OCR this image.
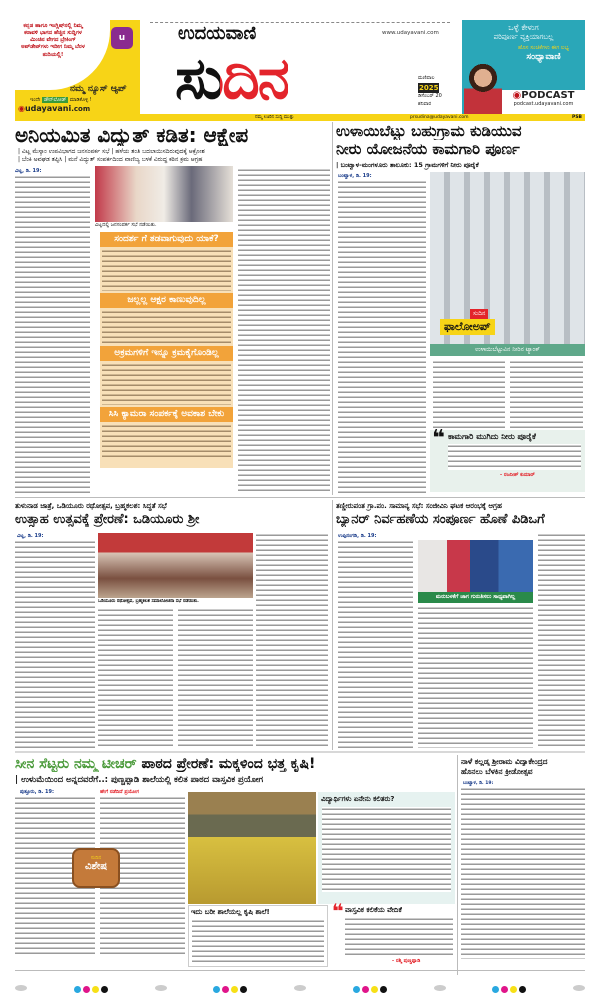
ಕನ್ನಡ ಹಾಗೂ ಇಂಗ್ಲಿಷ್‌ನಲ್ಲಿ ನಿಮ್ಮ ಕರಾವಳಿ ಭಾಗದ ಹೆಚ್ಚಿನ ಸುದ್ದಿಗಳ ಮಿಂಚಿನ ವೇಗದ ಬ್ರೇಕಿಂಗ್ ಅಪ್‌ಡೇಟ್‌ಗಳು ಇದೀಗ ನಿಮ್ಮ ಬೆರಳ ತುದಿಯಲ್ಲಿ!
u
ನಮ್ಮ ನ್ಯೂಸ್ ಆ್ಯಪ್
ಇಂದೇ ಡೌನ್‌ಲೋಡ್ ಮಾಡಿಕೊಳ್ಳಿ !
◉udayavani.com ಸುದಿನ
ಉದಯವಾಣಿ	www.udayavani.com
ಮಣಿಪಾಲ
2025
ಡಿಸೆಂಬರ್ 20
ಶನಿವಾರ
ಒಳ್ಳೆ ಕೇಳುಗ
ಪರಿಪೂರ್ಣ ವ್ಯಕ್ತಿಯಾಗಬಲ್ಲ
ಹೊಸ ಸಂಚಿಕೆಗಳು ಈಗ ಲಭ್ಯ
ಸಂಧ್ಯಾವಾಣಿ
◉PODCAST
podcast.udayavani.com
ನಮ್ಮ ಊರಿನ ಸುದ್ದಿ ಮುತ್ತು	prsudina@udayavani.com	PSB
ಅನಿಯಮಿತ ವಿದ್ಯುತ್ ಕಡಿತ: ಆಕ್ಷೇಪ
| ವಿಟ್ಲ ಮೆಸ್ಕಾಂ ಉಪವಿಭಾಗದ ಜನಸಂಪರ್ಕ ಸಭೆ | ಹಳೆಯ ತಂತಿ ಬದಲಾಯಿಸದಿರುವುದಕ್ಕೆ ಆಕ್ರೋಶ
| ಬೆಂಕಿ ಅವಘಡ ತಪ್ಪಿಸಿ | ಮನೆ ವಿದ್ಯುತ್ ಸಂಪರ್ಕದಿಂದ ವಾಣಿಜ್ಯ ಬಳಕೆ ವಿರುದ್ಧ ಕಠಿನ ಕ್ರಮ ಆಗ್ರಹ
ವಿಟ್ಲ, ಡಿ. 19:
ವಿಟ್ಲದಲ್ಲಿ ಜನಸಂಪರ್ಕ ಸಭೆ ನಡೆಯಿತು.
ಸಂದರ್ಶ ಗೆ ತಡವಾಗುವುದು ಯಾಕೆ?
ಜಲ್ಲಲ್ಲ ಆಕ್ಷರ ಕಾಣುವುದಿಲ್ಲ
ಅಕ್ರಮಗಳಿಗೆ ಇನ್ನೂ ಕ್ರಮಕೈಗೊಂಡಿಲ್ಲ
ಸಿಸಿ ಕ್ಯಾಮರಾ ಸಂಪರ್ಕಕ್ಕೆ ಅವಕಾಶ ಬೇಕು
ಉಳಾಯಿಬೆಟ್ಟು ಬಹುಗ್ರಾಮ ಕುಡಿಯುವ
ನೀರು ಯೋಜನೆಯ ಕಾಮಗಾರಿ ಪೂರ್ಣ
| ಬಂಟ್ವಾಳ-ಮಂಗಳೂರು ತಾಲೂಕು: 15 ಗ್ರಾಮಗಳಿಗೆ ನೀರು ಪೂರೈಕೆ
ಬಂಟ್ವಾಳ, ಡಿ. 19:
ಸುದಿನ
ಫಾಲೋಅಪ್
ಉಳಾಯಿಬೆಟ್ಟುವಿನ ನೀರಿನ ಟ್ಯಾಂಕ್
❝ ಕಾಮಗಾರಿ ಮುಗಿದು ನೀರು ಪೂರೈಕೆ
- ರಜನೀಶ್ ಕುಮಾರ್
ತುಳುನಾಡ ಜಾತ್ರೆ, ಒಡಿಯೂರು ರಥೋತ್ಸವ, ಬ್ರಹ್ಮಕಲಶ: ಸಿದ್ಧತೆ ಸಭೆ
ಉತ್ಸಾಹ ಉತ್ಸವಕ್ಕೆ ಪ್ರೇರಣೆ: ಒಡಿಯೂರು ಶ್ರೀ
ವಿಟ್ಲ, ಡಿ. 19:
ಒಡಿಯೂರು ರಥೋತ್ಸವ, ಬ್ರಹ್ಮಕಲಶ ಸಮಾಲೋಚನಾ ಸಭೆ ನಡೆಯಿತು.
ತಣ್ಣೀರುಪಂತ ಗ್ರಾ.ಪಂ. ಸಾಮಾನ್ಯ ಸಭೆ: ಸಂಜೀವಿನಿ ಘಟಕ ಆರಂಭಕ್ಕೆ ಆಗ್ರಹ
ಬ್ಯಾನರ್ ನಿರ್ವಹಣೆಯ ಸಂಪೂರ್ಣ ಹೊಣೆ ಪಿಡಿಒಗೆ
ಉಪ್ಪಿನಂಗಡಿ, ಡಿ. 19:
ಮರುಬಳಕೆಗೆ ಜಾಗ ಗುರುತಿಸಲು ಸಾಧ್ಯವಾಗಿಲ್ಲ
ಸೀನ ಸೆಟ್ಟರು ನಮ್ಮ ಟೀಚರ್ ಪಾಠದ ಪ್ರೇರಣೆ: ಮಕ್ಕಳಿಂದ ಭತ್ತ ಕೃಷಿ!
| ಉಳುಮೆಯಿಂದ ಅನ್ನದವರೆಗೆ..: ಪುಣ್ಚಪ್ಪಾಡಿ ಶಾಲೆಯಲ್ಲಿ ಕಲಿತ ಪಾಠದ ವಾಸ್ತವಿಕ ಪ್ರಯೋಗ
ಪುತ್ತೂರು, ಡಿ. 19:	ಹೇಗೆ ನಡೆದಿದೆ ಪ್ರಯೋಗ
ಸುದಿನ
ವಿಶೇಷ
ವಿದ್ಯಾರ್ಥಿಗಳು ಏನೇನು ಕಲಿತರು?
ಇದು ಬರೀ ಶಾಲೆಯಲ್ಲ ಕೃಷಿ ಶಾಲೆ!	❝ ವಾಸ್ತವಿಕ ಕಲಿಕೆಯ ವೇದಿಕೆ
- ರಶ್ಮಿ ಪುಣ್ಚಪ್ಪಾಡಿ
ನಾಳೆ ಕಲ್ಲಡ್ಕ ಶ್ರೀರಾಮ ವಿದ್ಯಾಕೇಂದ್ರದ
ಹೊನಲು ಬೆಳಕಿನ ಕ್ರೀಡೋತ್ಸವ
ಬಂಟ್ವಾಳ, ಡಿ. 19:
